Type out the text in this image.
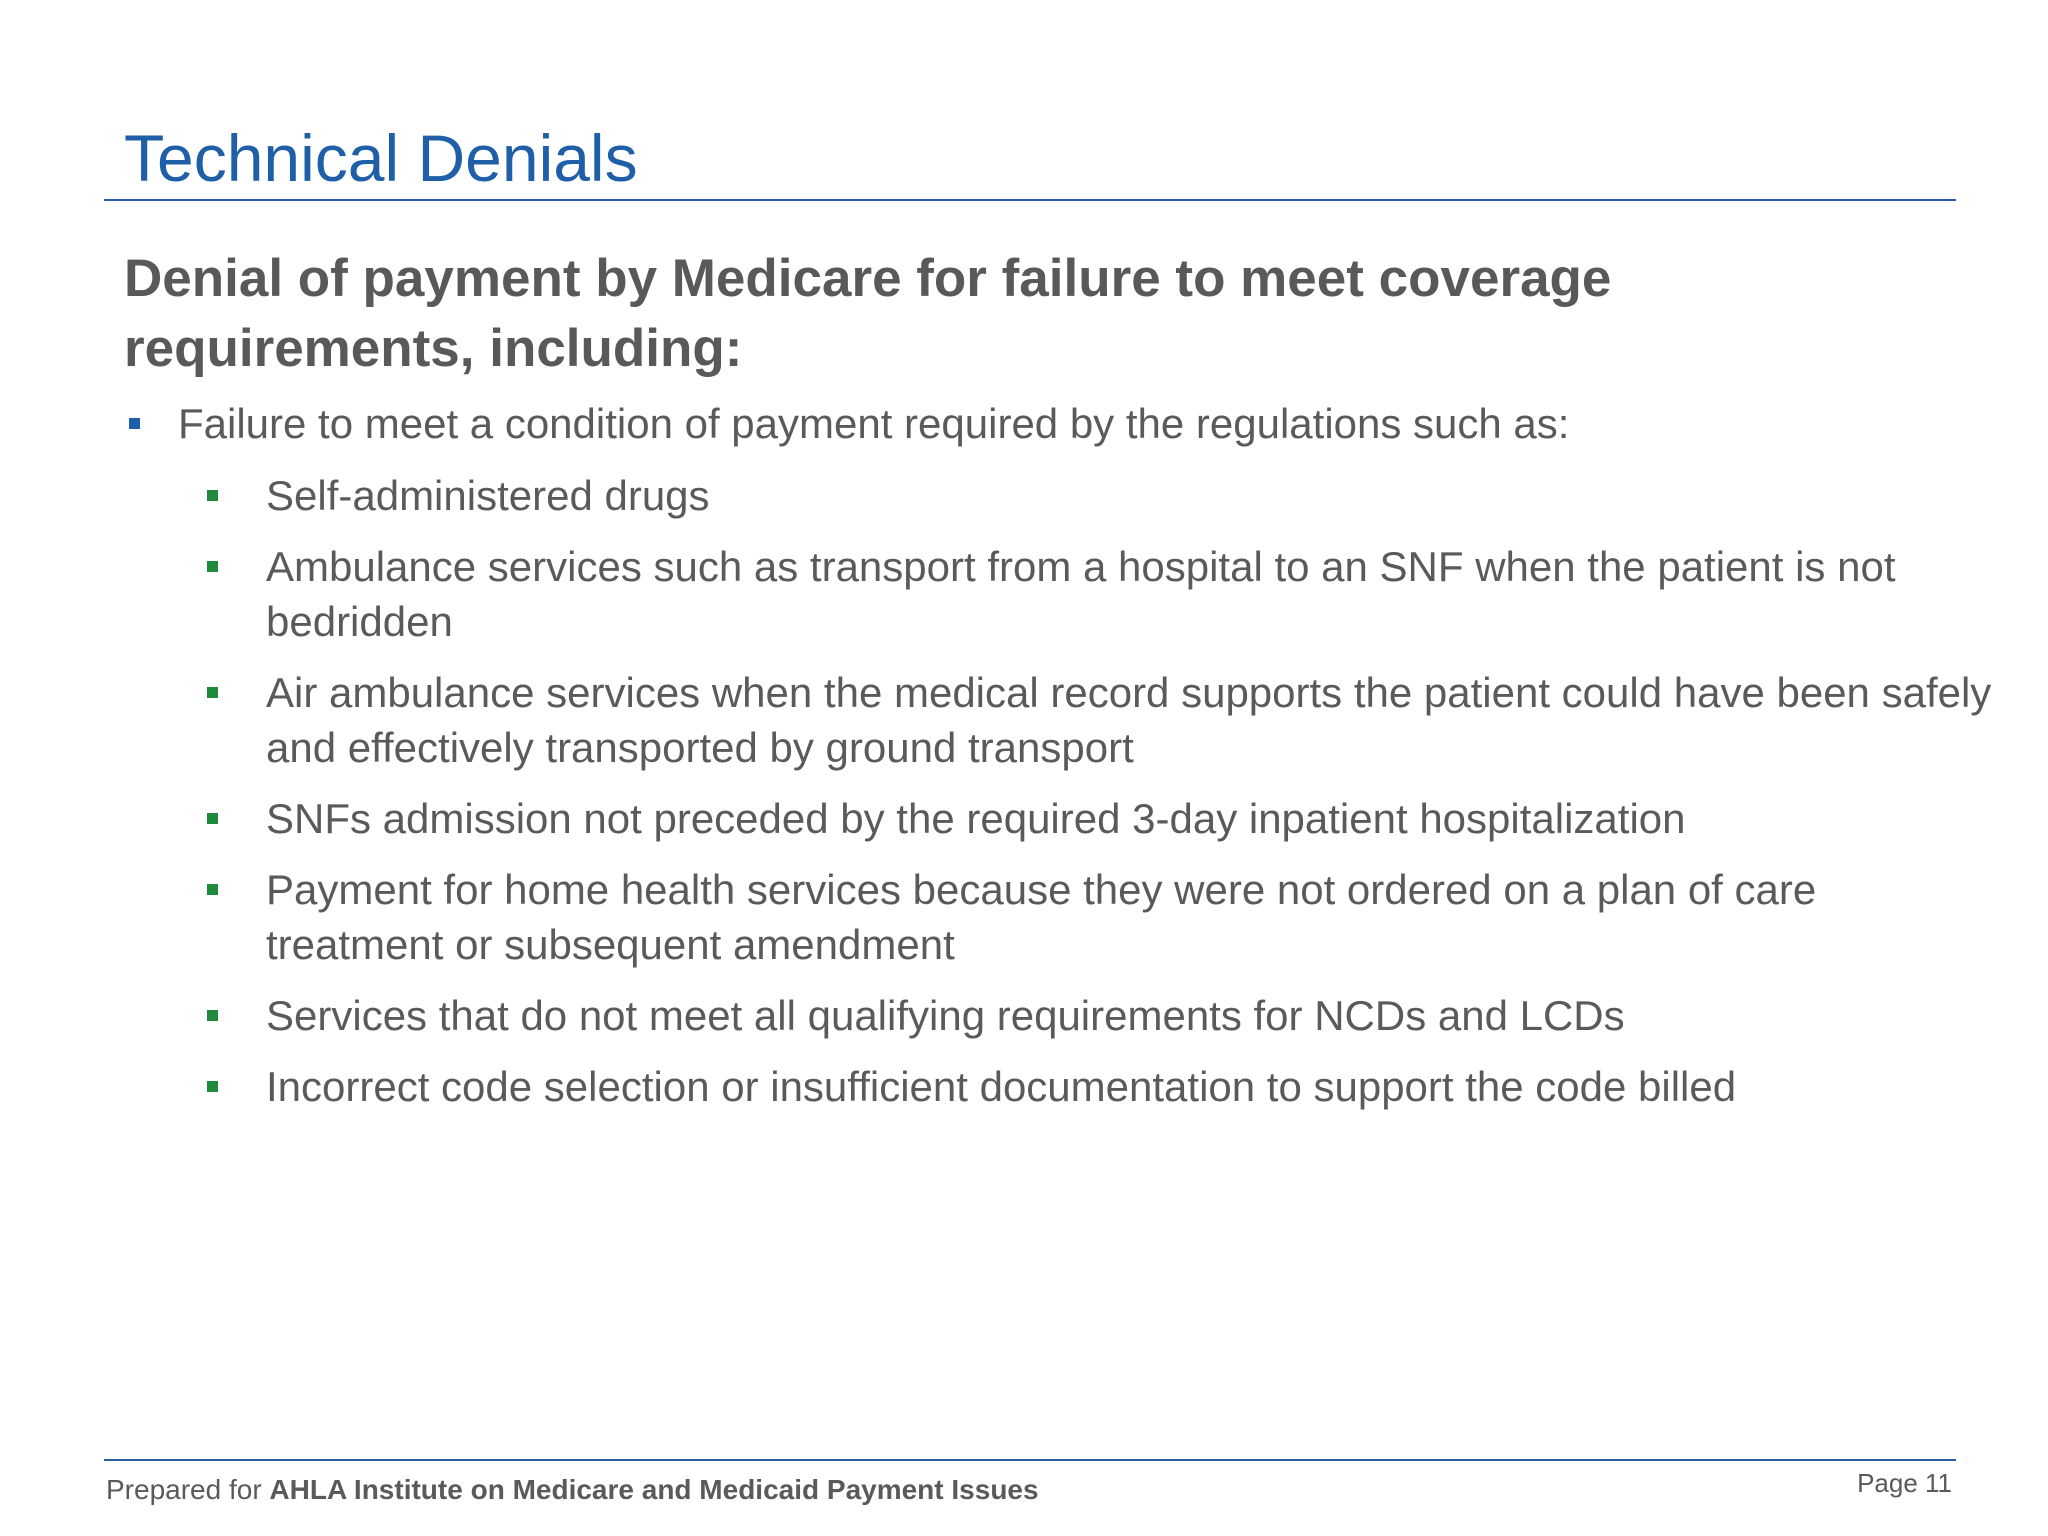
Technical Denials
Denial of payment by Medicare for failure to meet coverage requirements, including:
Failure to meet a condition of payment required by the regulations such as:
Self-administered drugs
Ambulance services such as transport from a hospital to an SNF when the patient is not bedridden
Air ambulance services when the medical record supports the patient could have been safely and effectively transported by ground transport
SNFs admission not preceded by the required 3-day inpatient hospitalization
Payment for home health services because they were not ordered on a plan of care treatment or subsequent amendment
Services that do not meet all qualifying requirements for NCDs and LCDs
Incorrect code selection or insufficient documentation to support the code billed
Prepared for AHLA Institute on Medicare and Medicaid Payment Issues	Page 11
